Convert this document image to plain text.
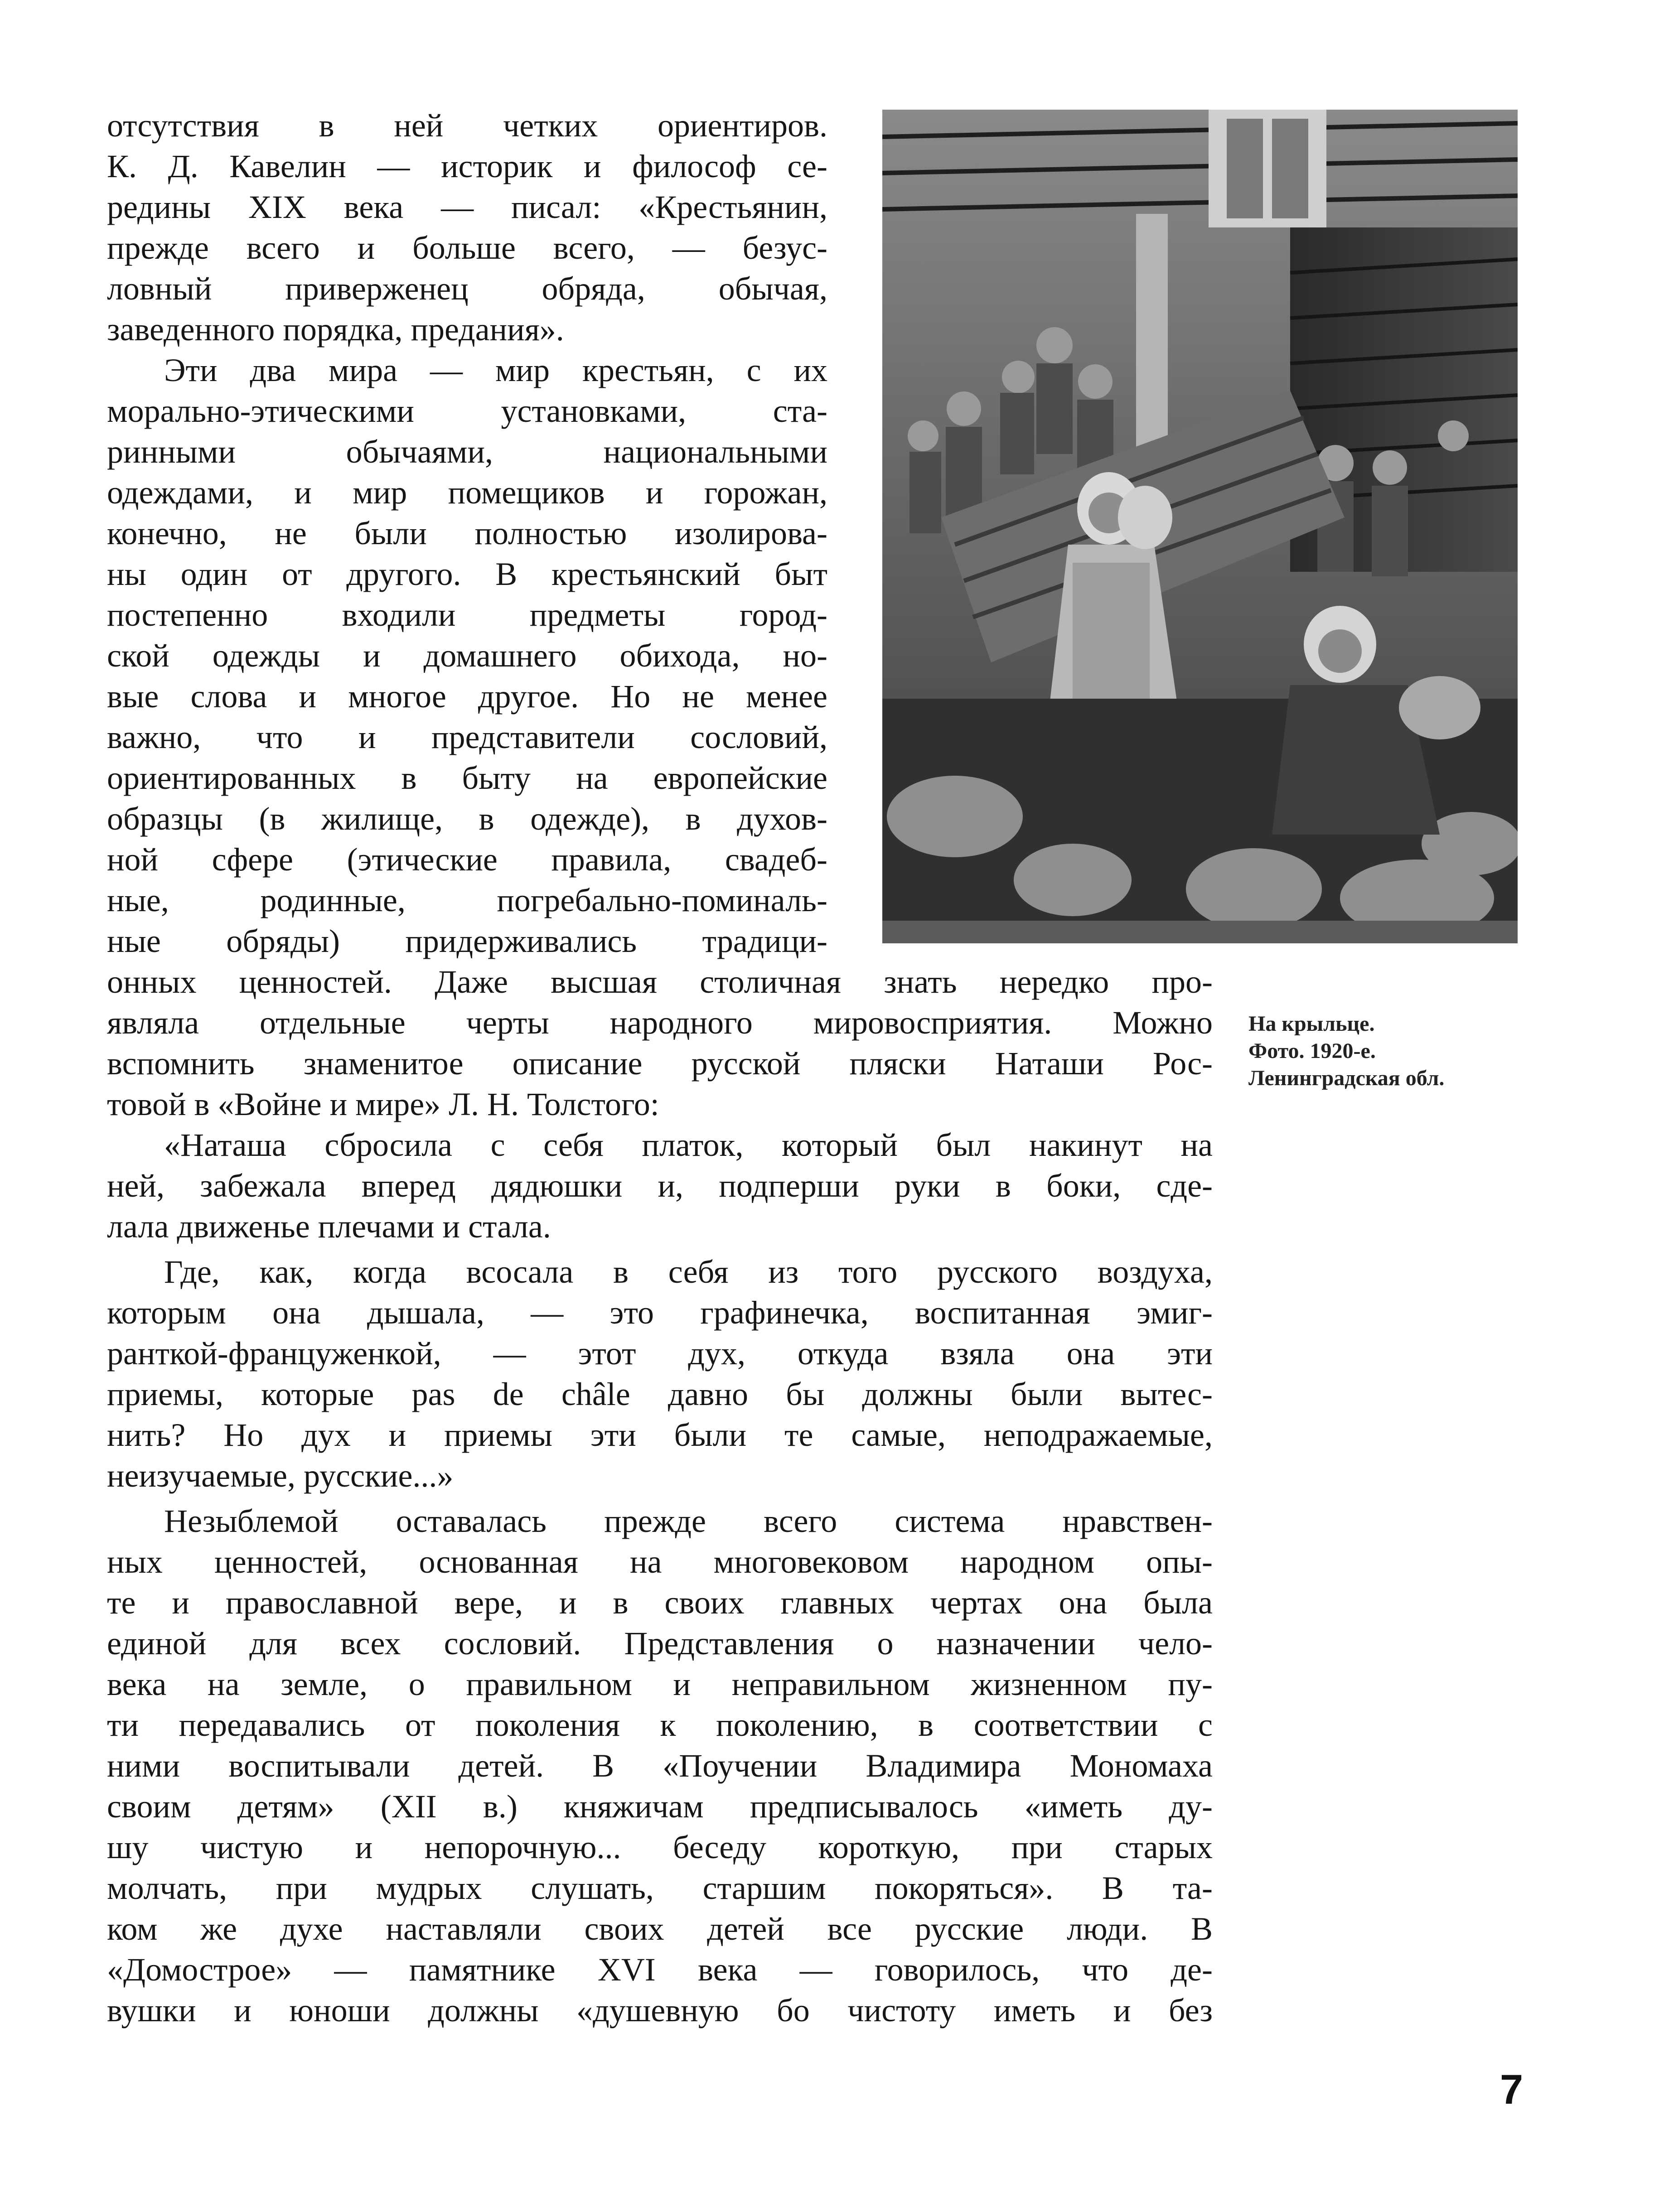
отсутствия в ней четких ориентиров.
К. Д. Кавелин — историк и философ се-
редины XIX века — писал: «Крестьянин,
прежде всего и больше всего, — безус-
ловный приверженец обряда, обычая,
заведенного порядка, предания».
Эти два мира — мир крестьян, с их
морально-этическими установками, ста-
ринными обычаями, национальными
одеждами, и мир помещиков и горожан,
конечно, не были полностью изолирова-
ны один от другого. В крестьянский быт
постепенно входили предметы город-
ской одежды и домашнего обихода, но-
вые слова и многое другое. Но не менее
важно, что и представители сословий,
ориентированных в быту на европейские
образцы (в жилище, в одежде), в духов-
ной сфере (этические правила, свадеб-
ные, родинные, погребально-поминаль-
ные обряды) придерживались традици-
онных ценностей. Даже высшая столичная знать нередко про-
являла отдельные черты народного мировосприятия. Можно
вспомнить знаменитое описание русской пляски Наташи Рос-
товой в «Войне и мире» Л. Н. Толстого:
«Наташа сбросила с себя платок, который был накинут на
ней, забежала вперед дядюшки и, подперши руки в боки, сде-
лала движенье плечами и стала.
Где, как, когда всосала в себя из того русского воздуха,
которым она дышала, — это графинечка, воспитанная эмиг-
ранткой-француженкой, — этот дух, откуда взяла она эти
приемы, которые pas de châle давно бы должны были вытес-
нить? Но дух и приемы эти были те самые, неподражаемые,
неизучаемые, русские...»
Незыблемой оставалась прежде всего система нравствен-
ных ценностей, основанная на многовековом народном опы-
те и православной вере, и в своих главных чертах она была
единой для всех сословий. Представления о назначении чело-
века на земле, о правильном и неправильном жизненном пу-
ти передавались от поколения к поколению, в соответствии с
ними воспитывали детей. В «Поучении Владимира Мономаха
своим детям» (XII в.) княжичам предписывалось «иметь ду-
шу чистую и непорочную... беседу короткую, при старых
молчать, при мудрых слушать, старшим покоряться». В та-
ком же духе наставляли своих детей все русские люди. В
«Домострое» — памятнике XVI века — говорилось, что де-
вушки и юноши должны «душевную бо чистоту иметь и без
На крыльце.
Фото. 1920-е.
Ленинградская обл.
7
